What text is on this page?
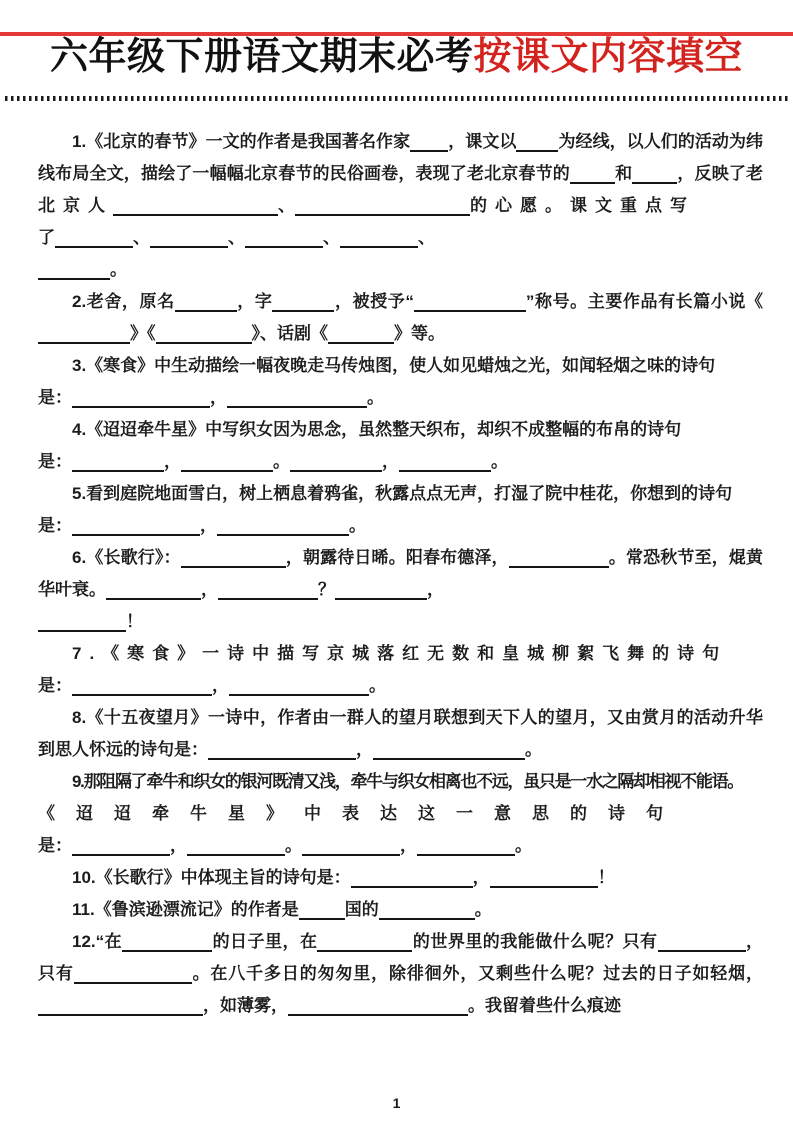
六年级下册语文期末必考按课文内容填空

1.《北京的春节》一文的作者是我国著名作家 ，课文以 为经线，以人们的活动为纬线布局全文，描绘了一幅幅北京春节的民俗画卷，表现了老北京春节的	和	，反映了老北京人	、	的心愿。课文重点写
了	、	、	、	、
。

2.老舍，原名	，字	，被授予“	”称号。主要作品有长篇小说《》《	》、话剧《	》等。

3.《寒食》中生动描绘一幅夜晚走马传烛图，使人如见蜡烛之光，如闻轻烟之味的诗句
是：	，	。

4.《迢迢牵牛星》中写织女因为思念，虽然整天织布，却织不成整幅的布帛的诗句
是：	，	。	，	。

5.看到庭院地面雪白，树上栖息着鸦雀，秋露点点无声，打湿了院中桂花，你想到的诗句
是：	，	。

6.《长歌行》：	，朝露待日晞。阳春布德泽，	。常恐秋节至，焜黄华叶衰。	，	？	，
！

7.《寒食》一诗中描写京城落红无数和皇城柳絮飞舞的诗句
是：	，	。

8.《十五夜望月》一诗中，作者由一群人的望月联想到天下人的望月，又由赏月的活动升华到思人怀远的诗句是：	，	。

9.那阻隔了牵牛和织女的银河既清又浅，牵牛与织女相离也不远，虽只是一水之隔却相视不能语。
《迢迢牵牛星》中表达这一意思的诗句
是：	，	。	，	。

10.《长歌行》中体现主旨的诗句是：	，	！

11.《鲁滨逊漂流记》的作者是	国的	。

12.“在	的日子里，在	的世界里的我能做什么呢？只有	，只有	。在八千多日的匆匆里，除徘徊外，又剩些什么呢？过去的日子如轻烟，，如薄雾，	。我留着些什么痕迹

1
